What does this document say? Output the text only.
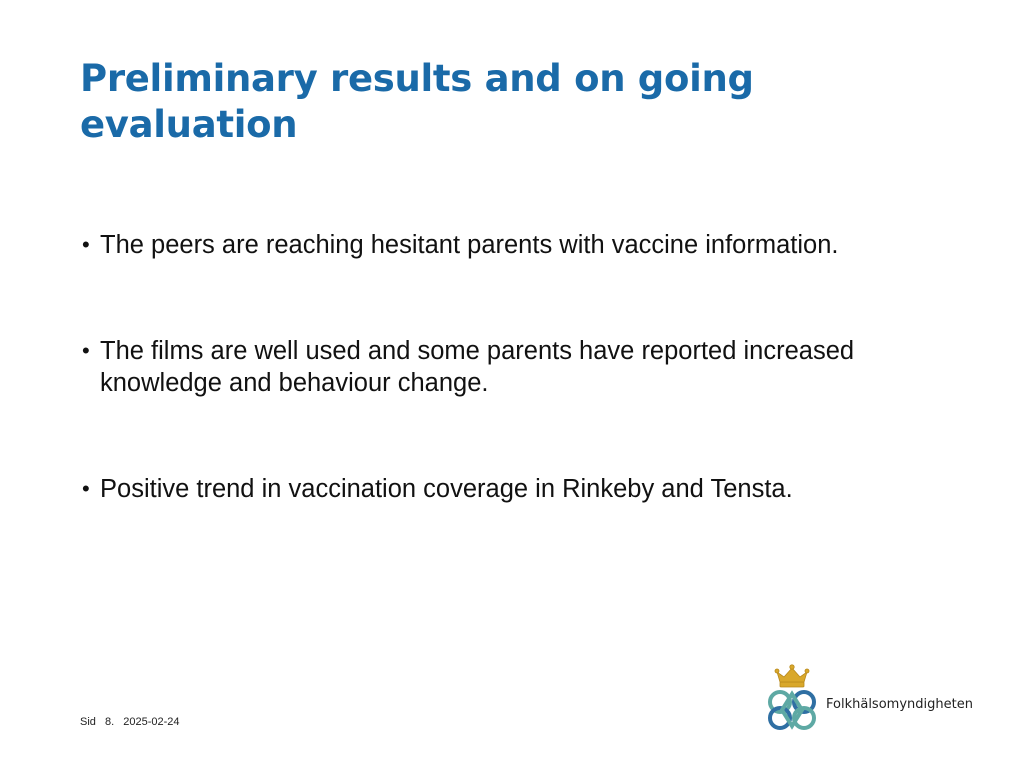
Preliminary results and on going evaluation
• The peers are reaching hesitant parents with vaccine information.
• The films are well used and some parents have reported increased knowledge and behaviour change.
• Positive trend in vaccination coverage in Rinkeby and Tensta.
Sid 8. 2025-02-24
Folkhälsomyndigheten
